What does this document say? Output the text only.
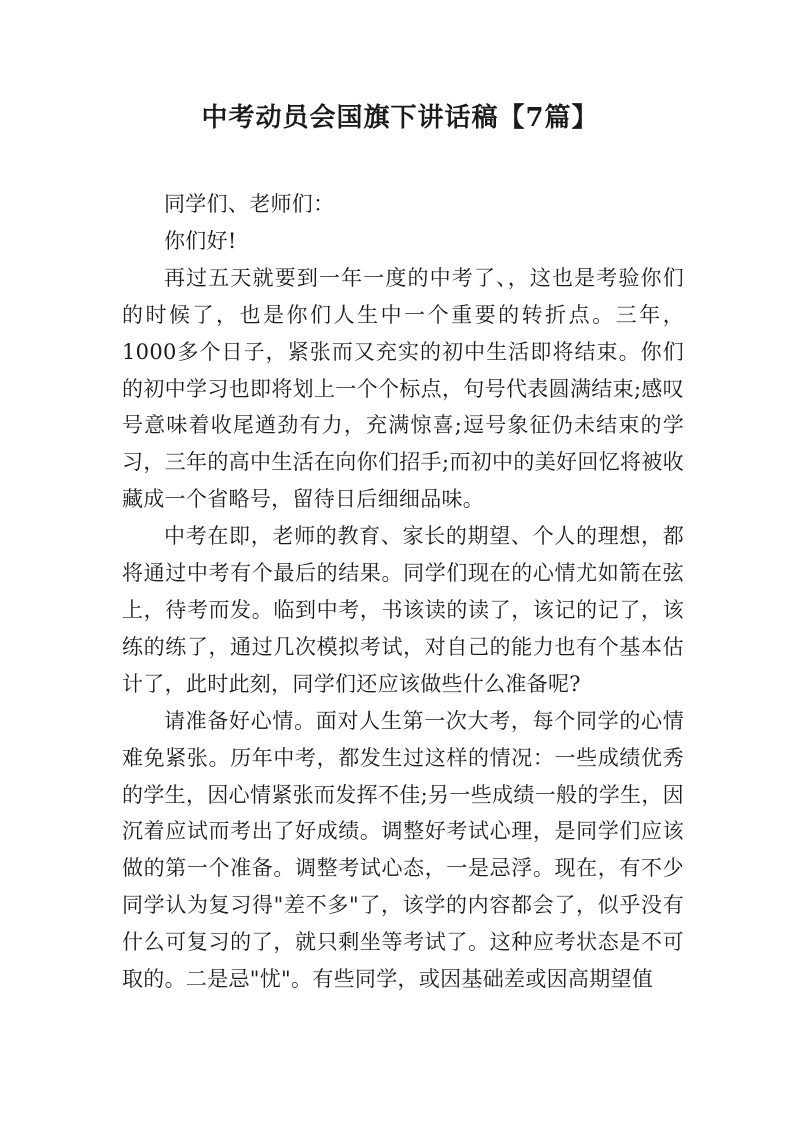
中考动员会国旗下讲话稿【7篇】

同学们、老师们：

你们好!

再过五天就要到一年一度的中考了、，这也是考验你们的时候了，也是你们人生中一个重要的转折点。三年，1000多个日子，紧张而又充实的初中生活即将结束。你们的初中学习也即将划上一个个标点，句号代表圆满结束;感叹号意味着收尾遒劲有力，充满惊喜;逗号象征仍未结束的学习，三年的高中生活在向你们招手;而初中的美好回忆将被收藏成一个省略号，留待日后细细品味。

中考在即，老师的教育、家长的期望、个人的理想，都将通过中考有个最后的结果。同学们现在的心情尤如箭在弦上，待考而发。临到中考，书该读的读了，该记的记了，该练的练了，通过几次模拟考试，对自己的能力也有个基本估计了，此时此刻，同学们还应该做些什么准备呢?

请准备好心情。面对人生第一次大考，每个同学的心情难免紧张。历年中考，都发生过这样的情况：一些成绩优秀的学生，因心情紧张而发挥不佳;另一些成绩一般的学生，因沉着应试而考出了好成绩。调整好考试心理，是同学们应该做的第一个准备。调整考试心态，一是忌浮。现在，有不少同学认为复习得"差不多"了，该学的内容都会了，似乎没有什么可复习的了，就只剩坐等考试了。这种应考状态是不可取的。二是忌"忧"。有些同学，或因基础差或因高期望值
